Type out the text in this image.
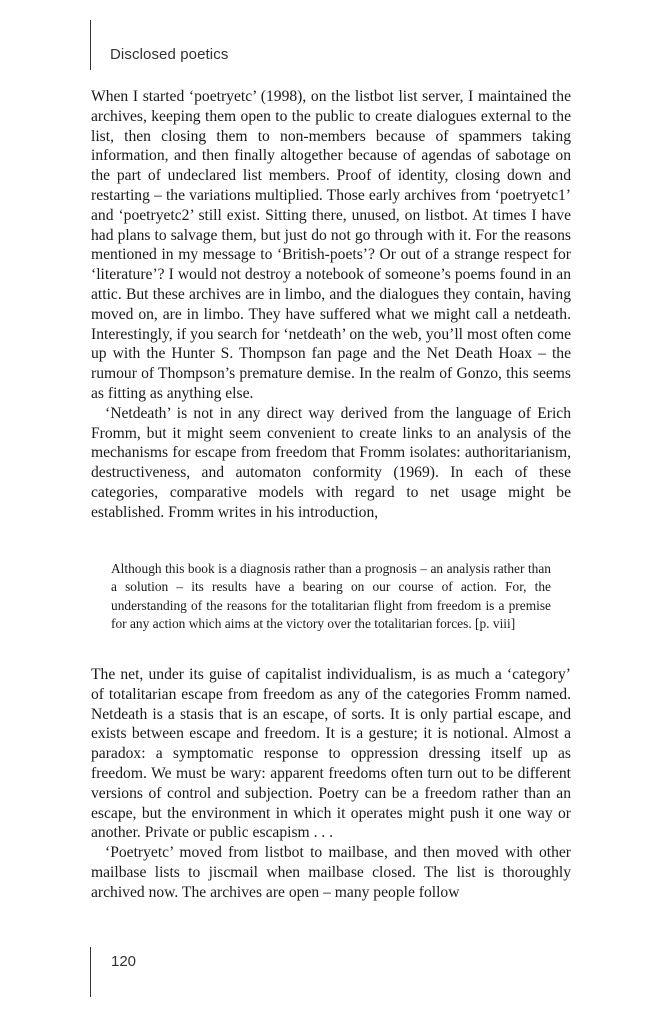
Disclosed poetics

When I started ‘poetryetc’ (1998), on the listbot list server, I maintained the archives, keeping them open to the public to create dialogues external to the list, then closing them to non-members because of spammers taking information, and then finally altogether because of agendas of sabotage on the part of undeclared list members. Proof of identity, closing down and restarting – the variations multiplied. Those early archives from ‘poetryetc1’ and ‘poetryetc2’ still exist. Sitting there, unused, on listbot. At times I have had plans to salvage them, but just do not go through with it. For the reasons mentioned in my message to ‘British-poets’? Or out of a strange respect for ‘literature’? I would not destroy a notebook of someone’s poems found in an attic. But these archives are in limbo, and the dialogues they contain, having moved on, are in limbo. They have suffered what we might call a netdeath. Interestingly, if you search for ‘netdeath’ on the web, you’ll most often come up with the Hunter S. Thompson fan page and the Net Death Hoax – the rumour of Thompson’s premature demise. In the realm of Gonzo, this seems as fitting as anything else.

‘Netdeath’ is not in any direct way derived from the language of Erich Fromm, but it might seem convenient to create links to an analysis of the mechanisms for escape from freedom that Fromm isolates: authoritarianism, destructiveness, and automaton conformity (1969). In each of these categories, comparative models with regard to net usage might be established. Fromm writes in his introduction,

Although this book is a diagnosis rather than a prognosis – an analysis rather than a solution – its results have a bearing on our course of action. For, the understanding of the reasons for the totalitarian flight from freedom is a premise for any action which aims at the victory over the totalitarian forces. [p. viii]

The net, under its guise of capitalist individualism, is as much a ‘category’ of totalitarian escape from freedom as any of the categories Fromm named. Netdeath is a stasis that is an escape, of sorts. It is only partial escape, and exists between escape and freedom. It is a gesture; it is notional. Almost a paradox: a symptomatic response to oppression dressing itself up as freedom. We must be wary: apparent freedoms often turn out to be different versions of control and subjection. Poetry can be a freedom rather than an escape, but the environment in which it operates might push it one way or another. Private or public escapism . . .

‘Poetryetc’ moved from listbot to mailbase, and then moved with other mailbase lists to jiscmail when mailbase closed. The list is thoroughly archived now. The archives are open – many people follow

120
